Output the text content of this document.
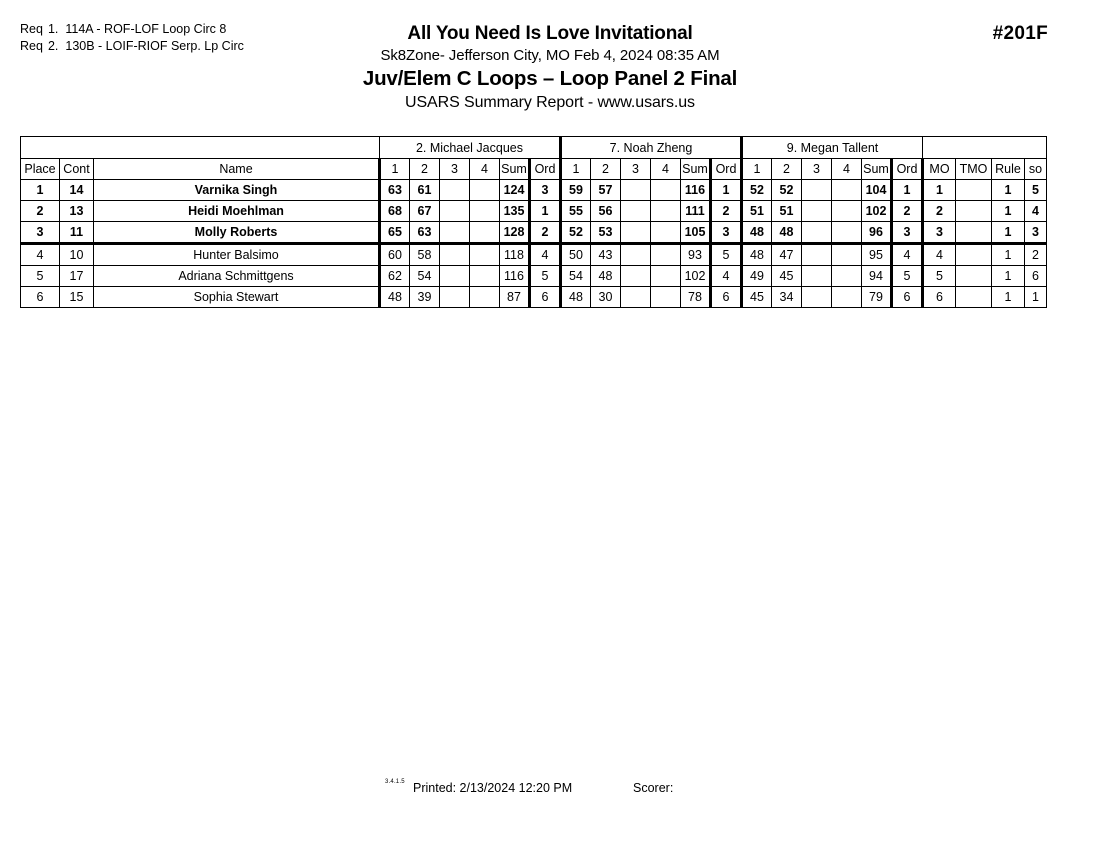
Req 1. 114A - ROF-LOF Loop Circ 8
Req 2. 130B - LOIF-RIOF Serp. Lp Circ
All You Need Is Love Invitational
Sk8Zone- Jefferson City, MO Feb 4, 2024 08:35 AM
Juv/Elem C Loops – Loop Panel 2 Final
USARS Summary Report - www.usars.us
#201F
			2. Michael Jacques						7. Noah Zheng						9. Megan Tallent									
Place	Cont	Name	1	2	3	4	Sum	Ord	1	2	3	4	Sum	Ord	1	2	3	4	Sum	Ord	MO	TMO	Rule	so
1	14	Varnika Singh	63	61			124	3	59	57			116	1	52	52			104	1	1		1	5
2	13	Heidi Moehlman	68	67			135	1	55	56			111	2	51	51			102	2	2		1	4
3	11	Molly Roberts	65	63			128	2	52	53			105	3	48	48			96	3	3		1	3
4	10	Hunter Balsimo	60	58			118	4	50	43			93	5	48	47			95	4	4		1	2
5	17	Adriana Schmittgens	62	54			116	5	54	48			102	4	49	45			94	5	5		1	6
6	15	Sophia Stewart	48	39			87	6	48	30			78	6	45	34			79	6	6		1	1
3.4.1.5 Printed: 2/13/2024 12:20 PM	Scorer:
